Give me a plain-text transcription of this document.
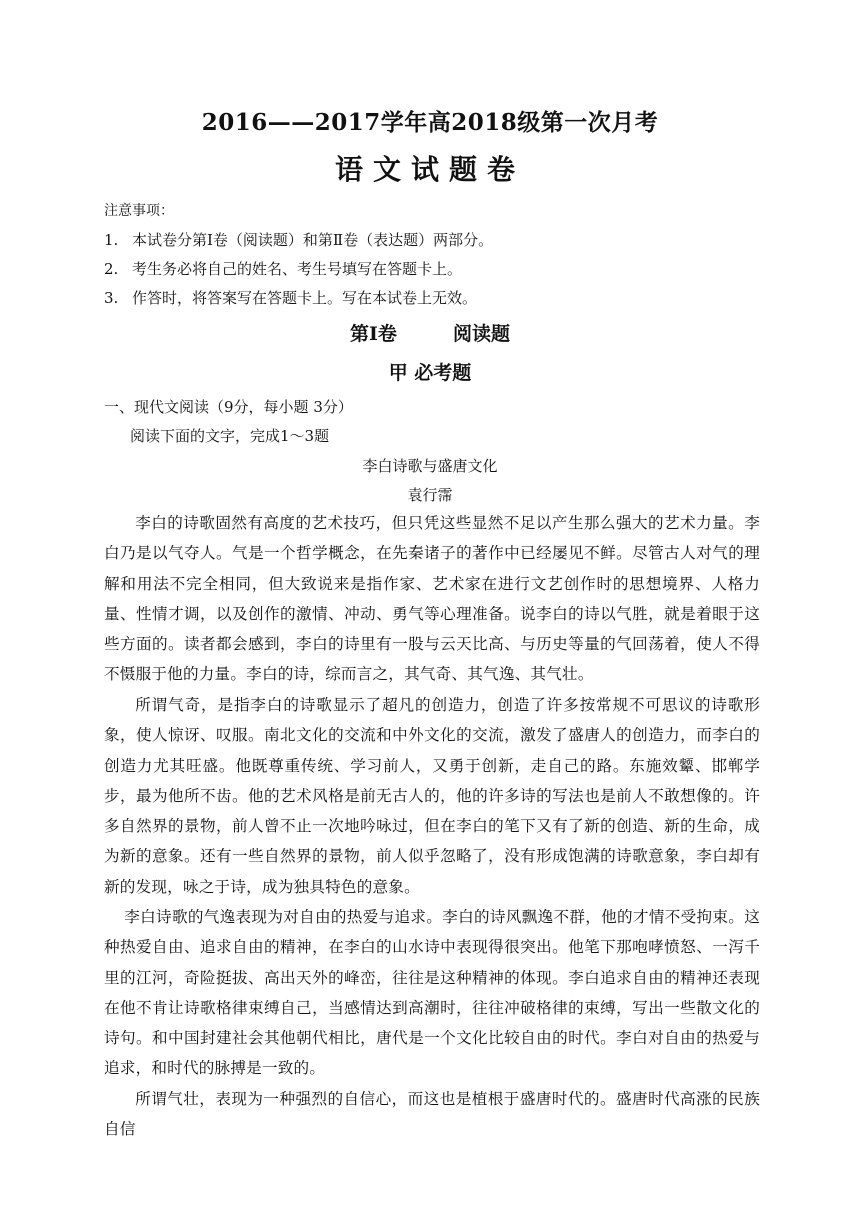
2016——2017学年高2018级第一次月考
语文试题卷
注意事项：
1. 本试卷分第Ⅰ卷（阅读题）和第Ⅱ卷（表达题）两部分。
2. 考生务必将自己的姓名、考生号填写在答题卡上。
3. 作答时，将答案写在答题卡上。写在本试卷上无效。
第Ⅰ卷	阅读题
甲 必考题
一、现代文阅读（9分，每小题 3分）
阅读下面的文字，完成1～3题
李白诗歌与盛唐文化
袁行霈

李白的诗歌固然有高度的艺术技巧，但只凭这些显然不足以产生那么强大的艺术力量。李白乃是以气夺人。气是一个哲学概念，在先秦诸子的著作中已经屡见不鲜。尽管古人对气的理解和用法不完全相同，但大致说来是指作家、艺术家在进行文艺创作时的思想境界、人格力量、性情才调，以及创作的激情、冲动、勇气等心理准备。说李白的诗以气胜，就是着眼于这些方面的。读者都会感到，李白的诗里有一股与云天比高、与历史等量的气回荡着，使人不得不慑服于他的力量。李白的诗，综而言之，其气奇、其气逸、其气壮。

所谓气奇，是指李白的诗歌显示了超凡的创造力，创造了许多按常规不可思议的诗歌形象，使人惊讶、叹服。南北文化的交流和中外文化的交流，激发了盛唐人的创造力，而李白的创造力尤其旺盛。他既尊重传统、学习前人，又勇于创新，走自己的路。东施效颦、邯郸学步，最为他所不齿。他的艺术风格是前无古人的，他的许多诗的写法也是前人不敢想像的。许多自然界的景物，前人曾不止一次地吟咏过，但在李白的笔下又有了新的创造、新的生命，成为新的意象。还有一些自然界的景物，前人似乎忽略了，没有形成饱满的诗歌意象，李白却有新的发现，咏之于诗，成为独具特色的意象。

李白诗歌的气逸表现为对自由的热爱与追求。李白的诗风飘逸不群，他的才情不受拘束。这种热爱自由、追求自由的精神，在李白的山水诗中表现得很突出。他笔下那咆哮愤怒、一泻千里的江河，奇险挺拔、高出天外的峰峦，往往是这种精神的体现。李白追求自由的精神还表现在他不肯让诗歌格律束缚自己，当感情达到高潮时，往往冲破格律的束缚，写出一些散文化的诗句。和中国封建社会其他朝代相比，唐代是一个文化比较自由的时代。李白对自由的热爱与追求，和时代的脉搏是一致的。

所谓气壮，表现为一种强烈的自信心，而这也是植根于盛唐时代的。盛唐时代高涨的民族自信
